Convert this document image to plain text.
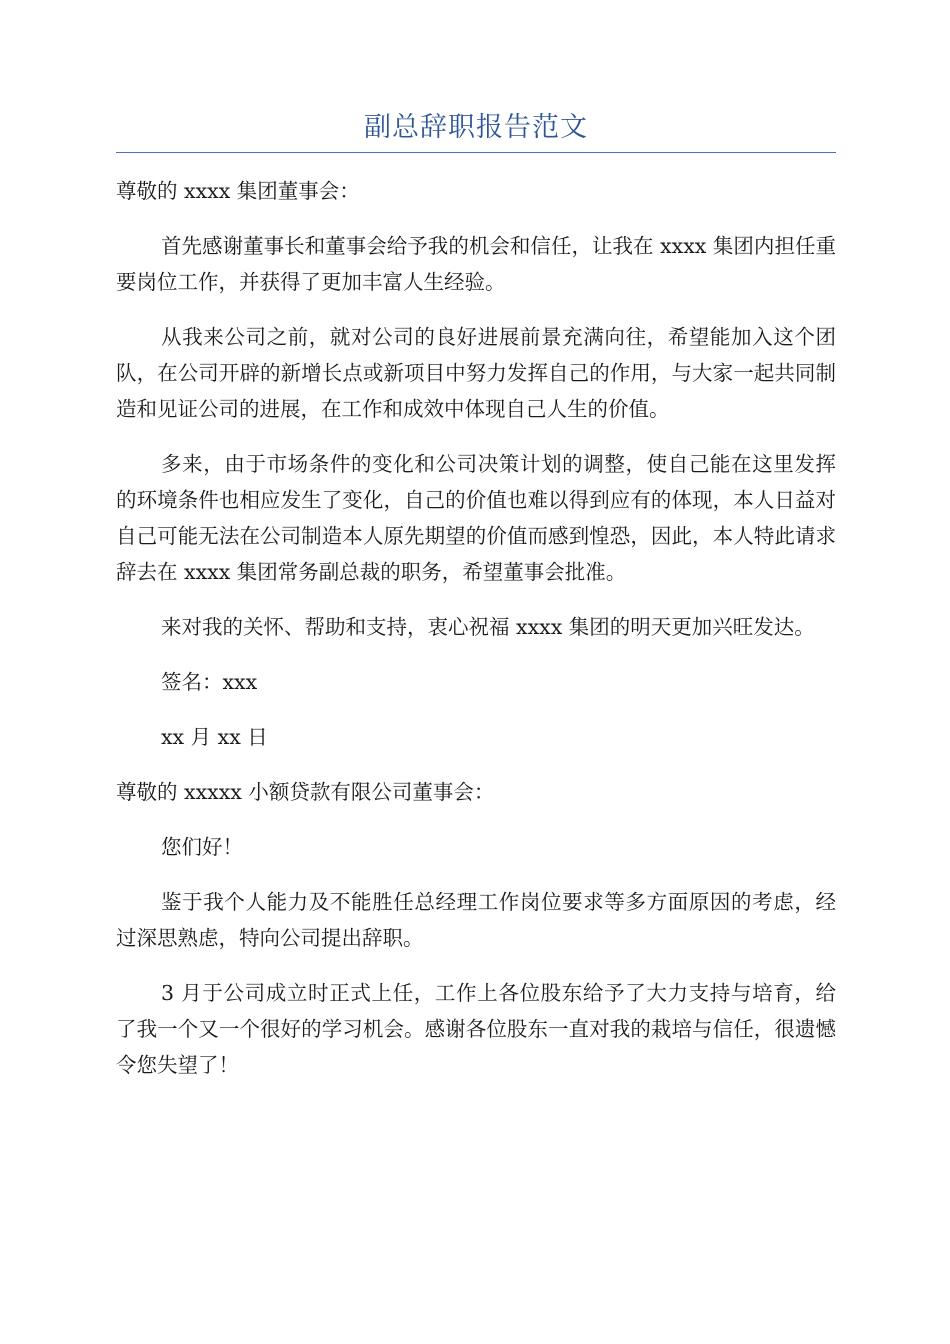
副总辞职报告范文

尊敬的 xxxx 集团董事会：

首先感谢董事长和董事会给予我的机会和信任，让我在 xxxx 集团内担任重要岗位工作，并获得了更加丰富人生经验。

从我来公司之前，就对公司的良好进展前景充满向往，希望能加入这个团队，在公司开辟的新增长点或新项目中努力发挥自己的作用，与大家一起共同制造和见证公司的进展，在工作和成效中体现自己人生的价值。

多来，由于市场条件的变化和公司决策计划的调整，使自己能在这里发挥的环境条件也相应发生了变化，自己的价值也难以得到应有的体现，本人日益对自己可能无法在公司制造本人原先期望的价值而感到惶恐，因此，本人特此请求辞去在 xxxx 集团常务副总裁的职务，希望董事会批准。

来对我的关怀、帮助和支持，衷心祝福 xxxx 集团的明天更加兴旺发达。

签名：xxx

xx 月 xx 日

尊敬的 xxxxx 小额贷款有限公司董事会：

您们好！

鉴于我个人能力及不能胜任总经理工作岗位要求等多方面原因的考虑，经过深思熟虑，特向公司提出辞职。

3 月于公司成立时正式上任，工作上各位股东给予了大力支持与培育，给了我一个又一个很好的学习机会。感谢各位股东一直对我的栽培与信任，很遗憾令您失望了！
